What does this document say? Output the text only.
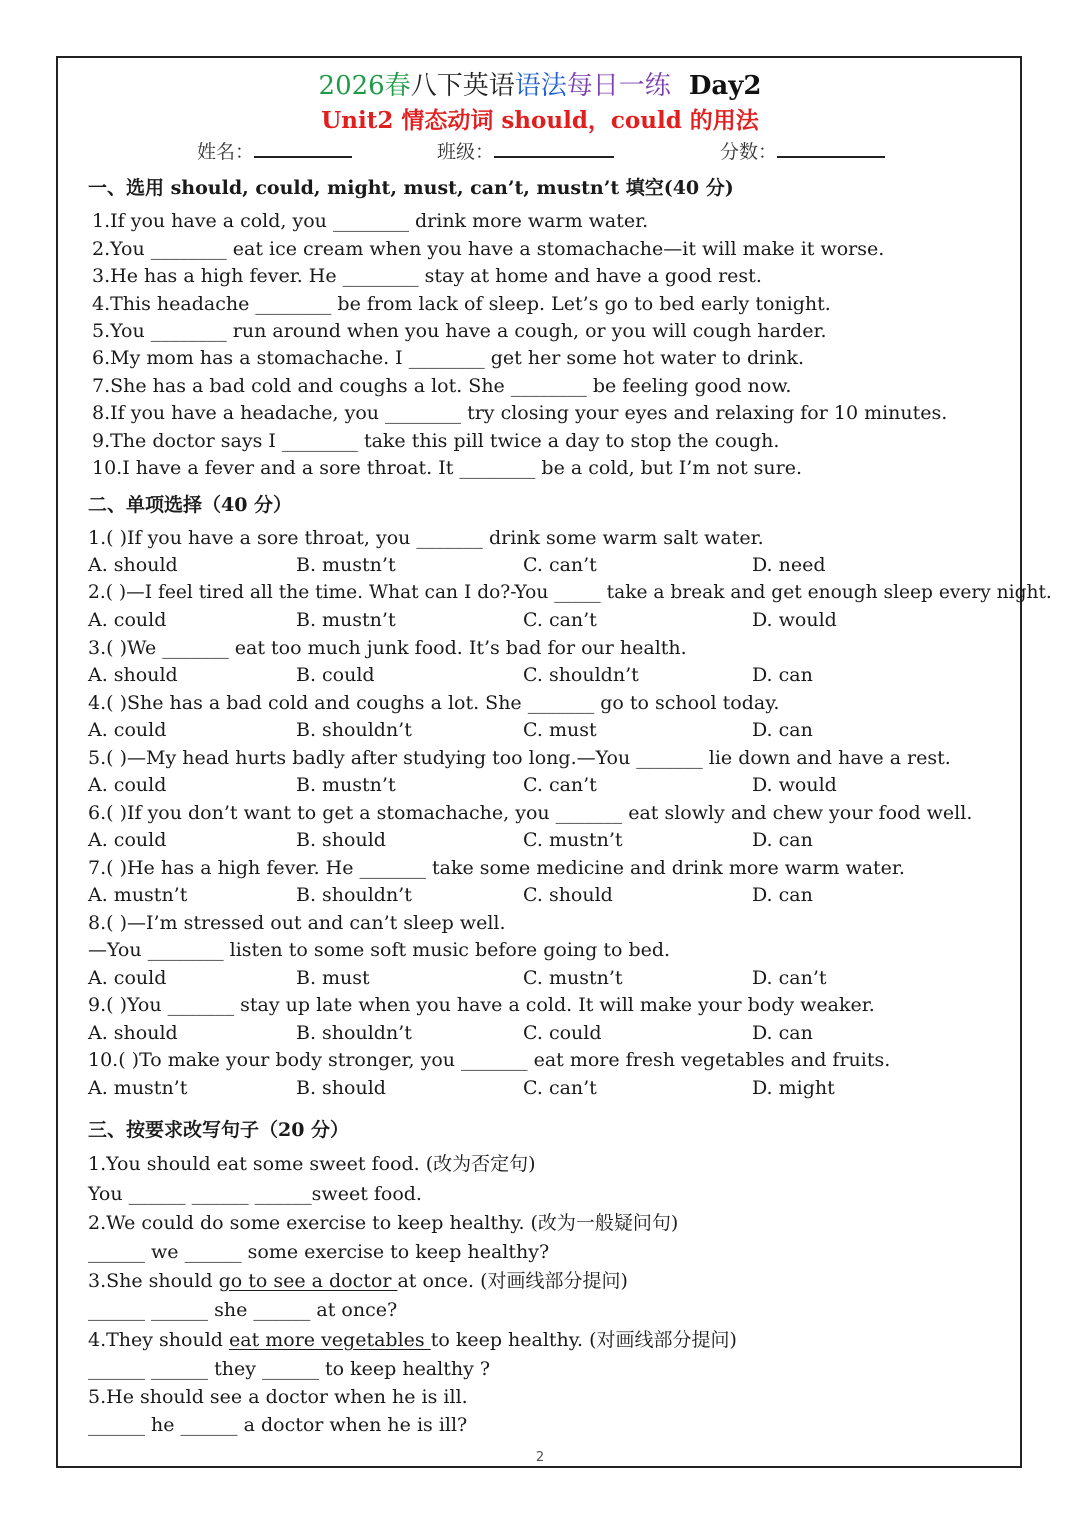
2026春八下英语语法每日一练  Day2
Unit2 情态动词 should，could 的用法
姓名：	班级：	分数：
一、选用 should, could, might, must, can’t, mustn’t 填空(40 分)
1.If you have a cold, you ________ drink more warm water.
2.You ________ eat ice cream when you have a stomachache—it will make it worse.
3.He has a high fever. He ________ stay at home and have a good rest.
4.This headache ________ be from lack of sleep. Let’s go to bed early tonight.
5.You ________ run around when you have a cough, or you will cough harder.
6.My mom has a stomachache. I ________ get her some hot water to drink.
7.She has a bad cold and coughs a lot. She ________ be feeling good now.
8.If you have a headache, you ________ try closing your eyes and relaxing for 10 minutes.
9.The doctor says I ________ take this pill twice a day to stop the cough.
10.I have a fever and a sore throat. It ________ be a cold, but I’m not sure.
二、单项选择（40 分）
1.( )If you have a sore throat, you _______ drink some warm salt water.
A. should	B. mustn’t	C. can’t	D. need
2.( )—I feel tired all the time. What can I do?-You _____ take a break and get enough sleep every night.
A. could	B. mustn’t	C. can’t	D. would
3.( )We _______ eat too much junk food. It’s bad for our health.
A. should	B. could	C. shouldn’t	D. can
4.( )She has a bad cold and coughs a lot. She _______ go to school today.
A. could	B. shouldn’t	C. must	D. can
5.( )—My head hurts badly after studying too long.—You _______ lie down and have a rest.
A. could	B. mustn’t	C. can’t	D. would
6.( )If you don’t want to get a stomachache, you _______ eat slowly and chew your food well.
A. could	B. should	C. mustn’t	D. can
7.( )He has a high fever. He _______ take some medicine and drink more warm water.
A. mustn’t	B. shouldn’t	C. should	D. can
8.( )—I’m stressed out and can’t sleep well.
—You ________ listen to some soft music before going to bed.
A. could	B. must	C. mustn’t	D. can’t
9.( )You _______ stay up late when you have a cold. It will make your body weaker.
A. should	B. shouldn’t	C. could	D. can
10.( )To make your body stronger, you _______ eat more fresh vegetables and fruits.
A. mustn’t	B. should	C. can’t	D. might
三、按要求改写句子（20 分）
1.You should eat some sweet food. (改为否定句)
You ______ ______ ______sweet food.
2.We could do some exercise to keep healthy. (改为一般疑问句)
______ we ______ some exercise to keep healthy?
3.She should go to see a doctor at once. (对画线部分提问)
______ ______ she ______ at once?
4.They should eat more vegetables to keep healthy. (对画线部分提问)
______ ______ they ______ to keep healthy ?
5.He should see a doctor when he is ill.
______ he ______ a doctor when he is ill?
2
